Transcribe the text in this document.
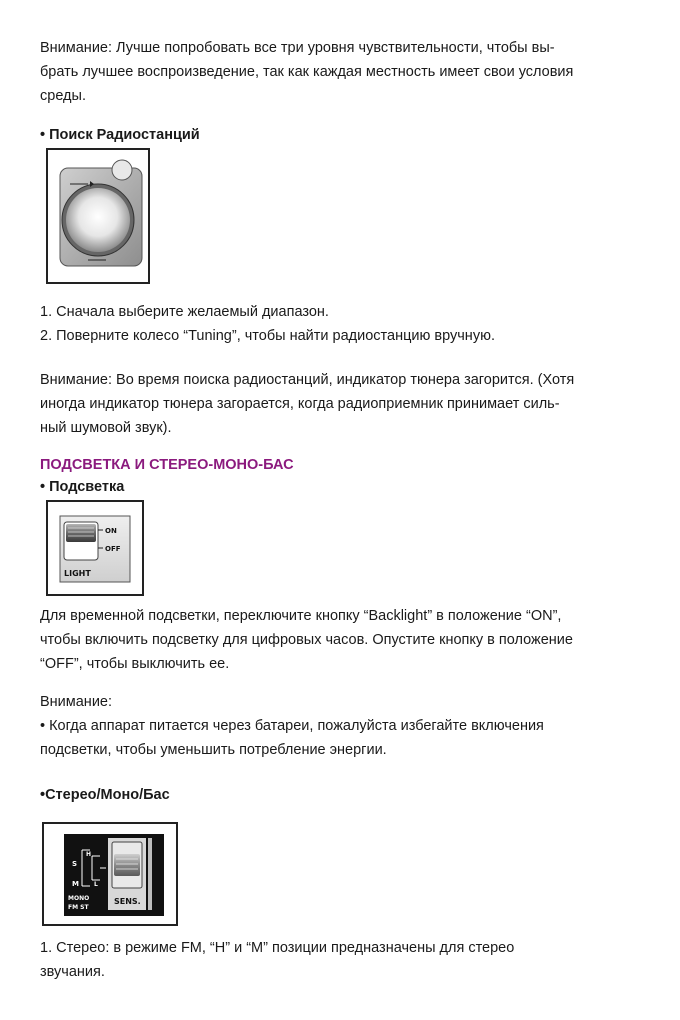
Внимание: Лучше попробовать все три уровня чувствительности, чтобы вы-

брать лучшее воспроизведение, так как каждая местность имеет свои условия

среды.

• Поиск Радиостанций

1. Сначала выберите желаемый диапазон.

2. Поверните колесо “Tuning”, чтобы найти радиостанцию вручную.

Внимание: Во время поиска радиостанций, индикатор тюнера загорится. (Хотя

иногда индикатор тюнера загорается, когда радиоприемник принимает силь-

ный шумовой звук).

ПОДСВЕТКА И СТЕРЕО-МОНО-БАС
• Подсветка
ON
OFF
LIGHT

Для временной подсветки, переключите кнопку “Backlight” в положение “ON”,

чтобы включить подсветку для цифровых часов. Опустите кнопку в положение

“OFF”, чтобы выключить ее.

Внимание:

• Когда аппарат питается через батареи, пожалуйста избегайте включения

подсветки, чтобы уменьшить потребление энергии.

•Стерео/Моно/Бас
SENS.
S
H
M	L
MONO
FM ST

1. Стерео: в режиме FM, “H” и “M” позиции предназначены для стерео

звучания.
